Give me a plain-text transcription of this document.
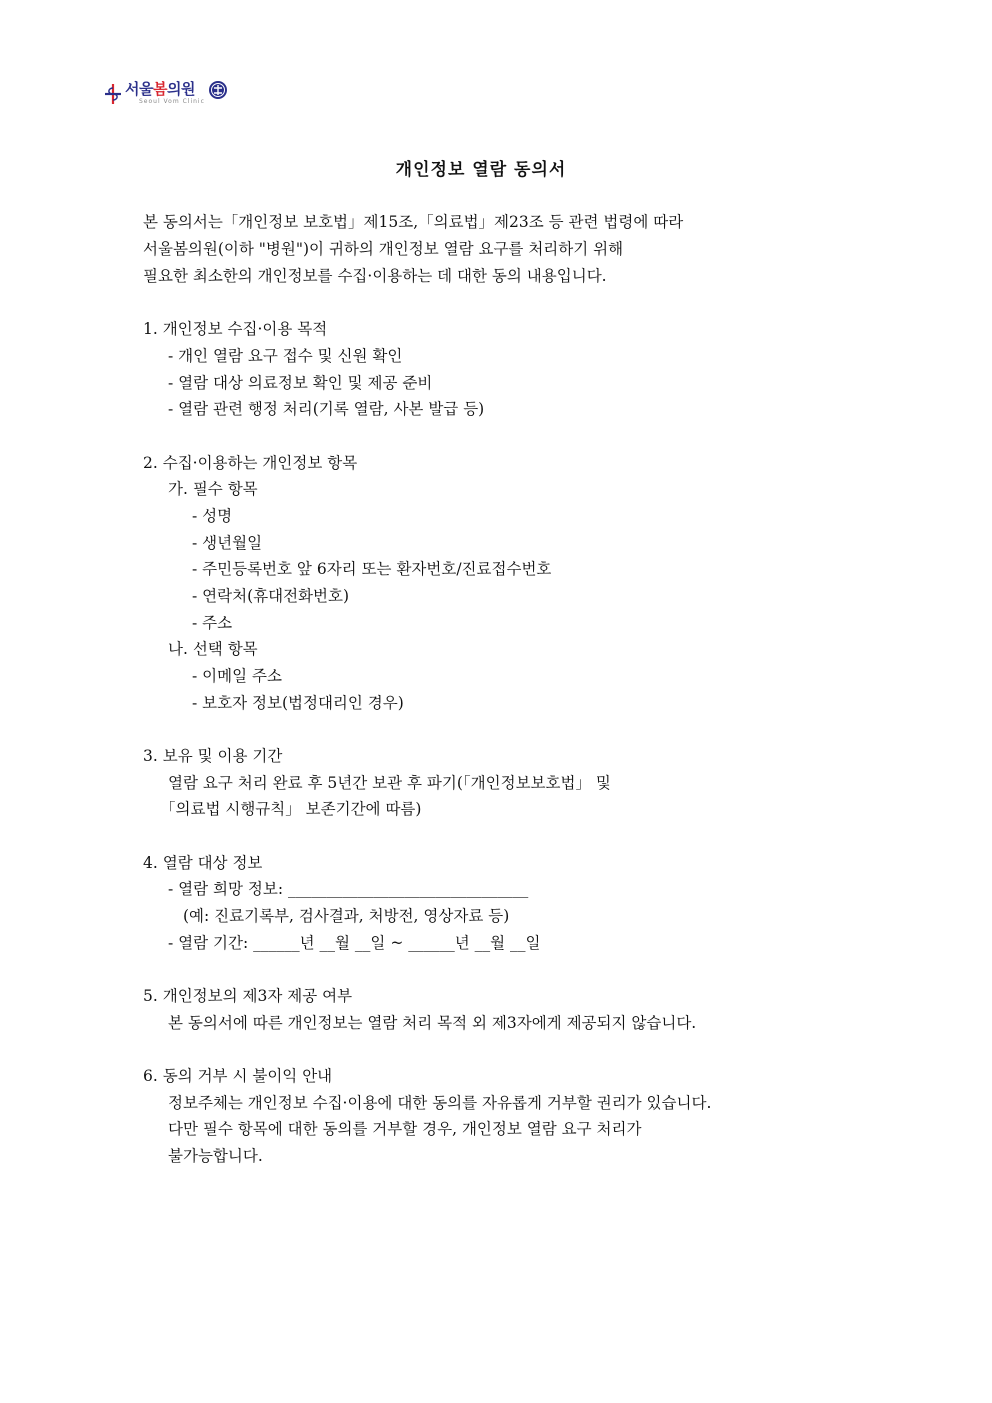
서울봄의원
Seoul Vom Clinic
개인정보 열람 동의서
본 동의서는「개인정보 보호법」제15조,「의료법」제23조 등 관련 법령에 따라
서울봄의원(이하 "병원")이 귀하의 개인정보 열람 요구를 처리하기 위해
필요한 최소한의 개인정보를 수집·이용하는 데 대한 동의 내용입니다.
1. 개인정보 수집·이용 목적
- 개인 열람 요구 접수 및 신원 확인
- 열람 대상 의료정보 확인 및 제공 준비
- 열람 관련 행정 처리(기록 열람, 사본 발급 등)
2. 수집·이용하는 개인정보 항목
가. 필수 항목
- 성명
- 생년월일
- 주민등록번호 앞 6자리 또는 환자번호/진료접수번호
- 연락처(휴대전화번호)
- 주소
나. 선택 항목
- 이메일 주소
- 보호자 정보(법정대리인 경우)
3. 보유 및 이용 기간
열람 요구 처리 완료 후 5년간 보관 후 파기(「개인정보보호법」 및
「의료법 시행규칙」 보존기간에 따름)
4. 열람 대상 정보
- 열람 희망 정보: _______________________________
(예: 진료기록부, 검사결과, 처방전, 영상자료 등)
- 열람 기간: ______년 __월 __일 ~ ______년 __월 __일
5. 개인정보의 제3자 제공 여부
본 동의서에 따른 개인정보는 열람 처리 목적 외 제3자에게 제공되지 않습니다.
6. 동의 거부 시 불이익 안내
정보주체는 개인정보 수집·이용에 대한 동의를 자유롭게 거부할 권리가 있습니다.
다만 필수 항목에 대한 동의를 거부할 경우, 개인정보 열람 요구 처리가
불가능합니다.
